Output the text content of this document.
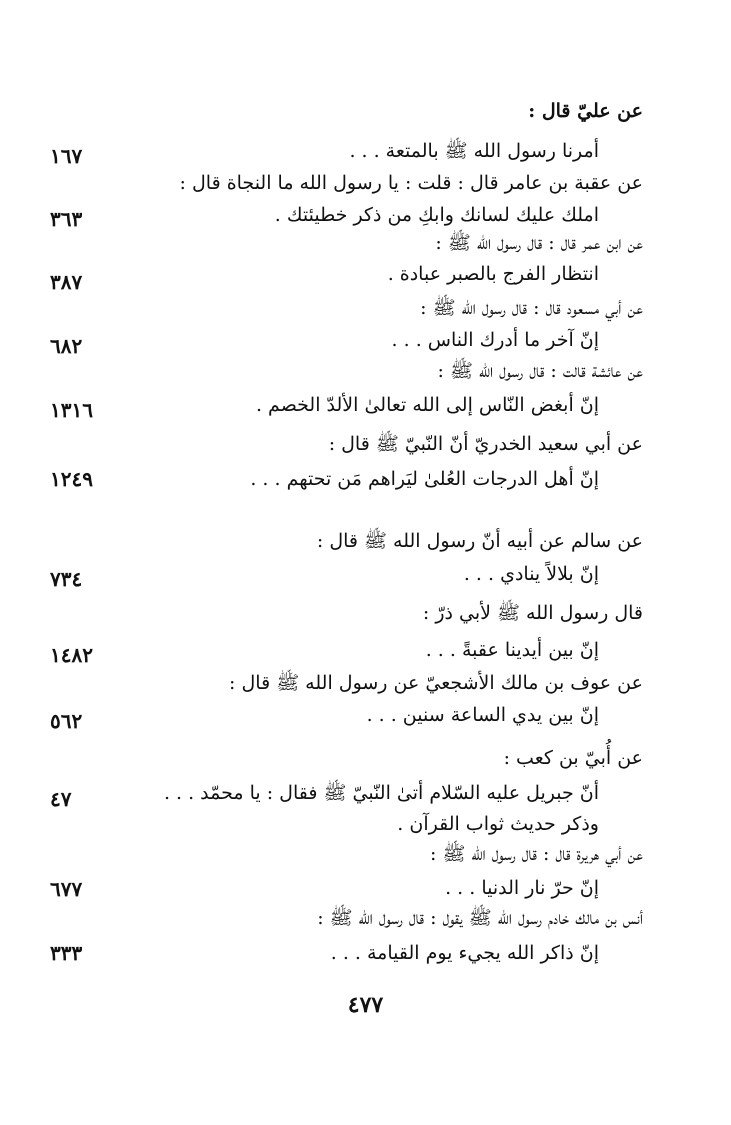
عن عليّ قال :
أمرنا رسول الله ﷺ بالمتعة . . .
١٦٧
عن عقبة بن عامر قال : قلت : يا رسول الله ما النجاة قال :
املك عليك لسانك وابكِ من ذكر خطيئتك .
٣٦٣
عن ابن عمر قال : قال رسول الله ﷺ :
انتظار الفرج بالصبر عبادة .
٣٨٧
عن أبي مسعود قال : قال رسول الله ﷺ :
إنّ آخر ما أدرك الناس . . .
٦٨٢
عن عائشة قالت : قال رسول الله ﷺ :
إنّ أبغض النّاس إلى الله تعالىٰ الألدّ الخصم .
١٣١٦
عن أبي سعيد الخدريّ أنّ النّبيّ ﷺ قال :
إنّ أهل الدرجات العُلىٰ ليَراهم مَن تحتهم . . .
١٢٤٩
عن سالم عن أبيه أنّ رسول الله ﷺ قال :
إنّ بلالاً ينادي . . .
٧٣٤
قال رسول الله ﷺ لأبي ذرّ :
إنّ بين أيدينا عقبةً . . .
١٤٨٢
عن عوف بن مالك الأشجعيّ عن رسول الله ﷺ قال :
إنّ بين يدي الساعة سنين . . .
٥٦٢
عن أُبيّ بن كعب :
أنّ جبريل عليه السّلام أتىٰ النّبيّ ﷺ فقال : يا محمّد . . .
وذكر حديث ثواب القرآن .
٤٧
عن أبي هريرة قال : قال رسول الله ﷺ :
إنّ حرّ نار الدنيا . . .
٦٧٧
أنس بن مالك خادم رسول الله ﷺ يقول : قال رسول الله ﷺ :
إنّ ذاكر الله يجيء يوم القيامة . . .
٣٣٣
٤٧٧
